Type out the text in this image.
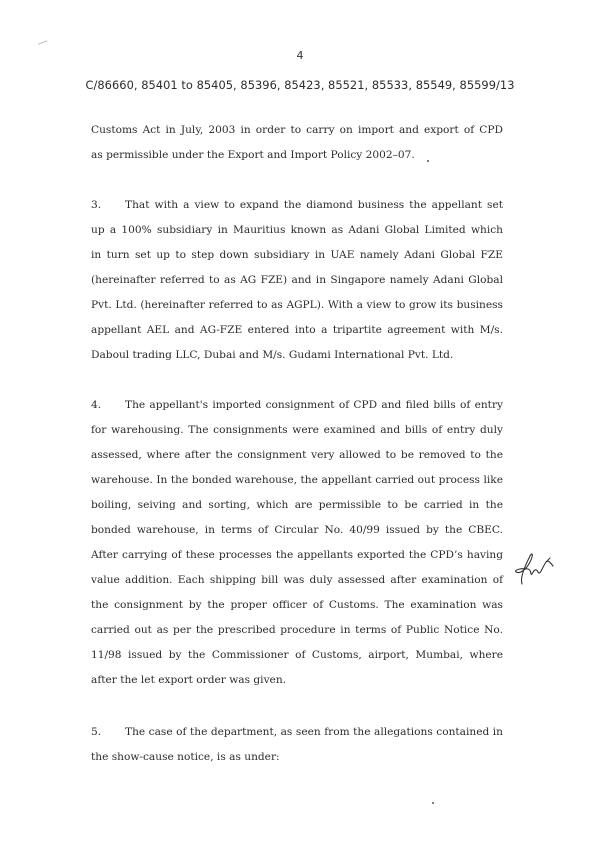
4
C/86660, 85401 to 85405, 85396, 85423, 85521, 85533, 85549, 85599/13
Customs Act in July, 2003 in order to carry on import and export of CPD
as permissible under the Export and Import Policy 2002–07.
3. That with a view to expand the diamond business the appellant set
up a 100% subsidiary in Mauritius known as Adani Global Limited which
in turn set up to step down subsidiary in UAE namely Adani Global FZE
(hereinafter referred to as AG FZE) and in Singapore namely Adani Global
Pvt. Ltd. (hereinafter referred to as AGPL). With a view to grow its business
appellant AEL and AG-FZE entered into a tripartite agreement with M/s.
Daboul trading LLC, Dubai and M/s. Gudami International Pvt. Ltd.
4. The appellant's imported consignment of CPD and filed bills of entry
for warehousing. The consignments were examined and bills of entry duly
assessed, where after the consignment very allowed to be removed to the
warehouse. In the bonded warehouse, the appellant carried out process like
boiling, seiving and sorting, which are permissible to be carried in the
bonded warehouse, in terms of Circular No. 40/99 issued by the CBEC.
After carrying of these processes the appellants exported the CPD’s having
value addition. Each shipping bill was duly assessed after examination of
the consignment by the proper officer of Customs. The examination was
carried out as per the prescribed procedure in terms of Public Notice No.
11/98 issued by the Commissioner of Customs, airport, Mumbai, where
after the let export order was given.
5. The case of the department, as seen from the allegations contained in
the show-cause notice, is as under:
